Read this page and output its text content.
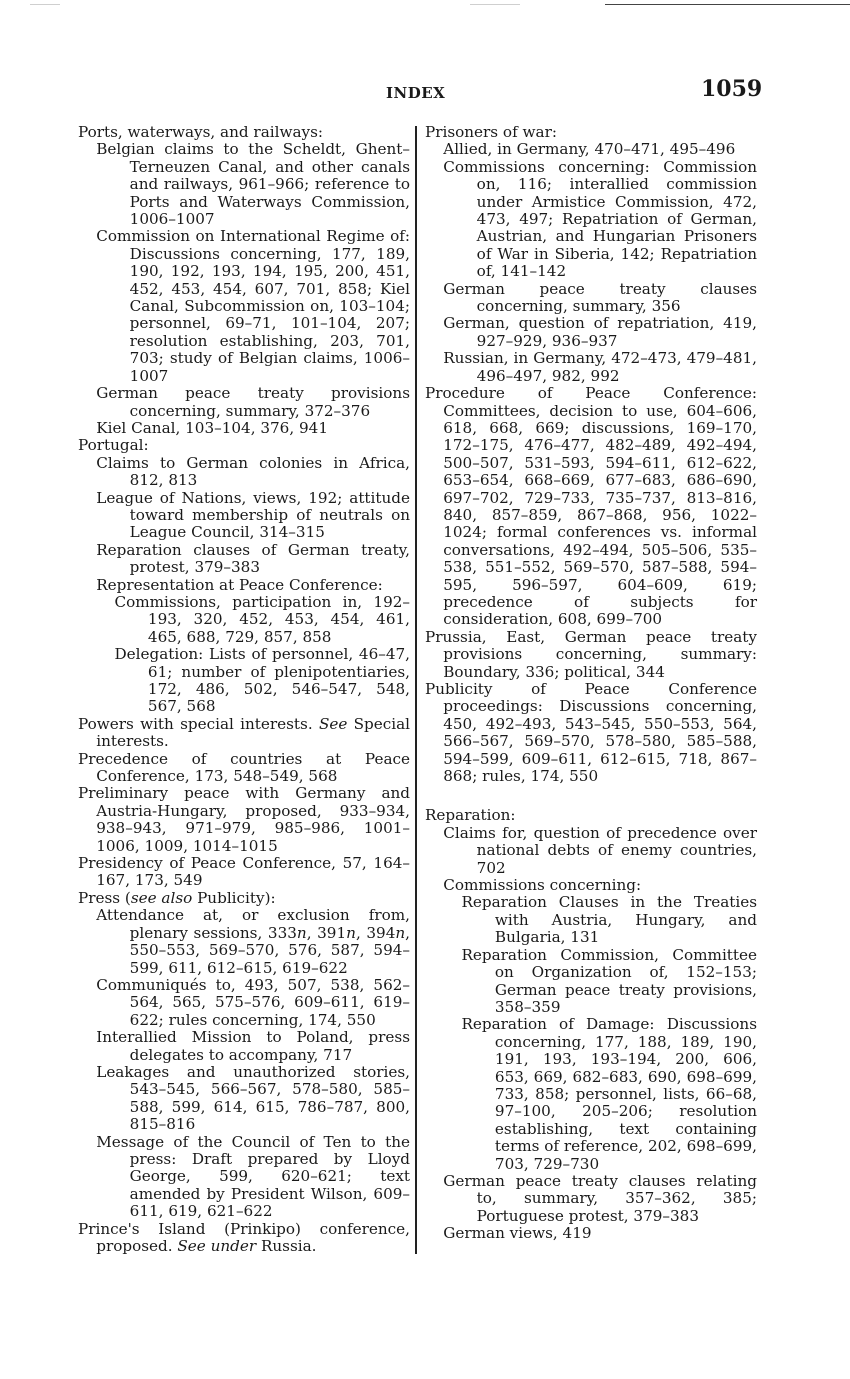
INDEX	1059
Ports, waterways, and railways:
Belgian claims to the Scheldt, Ghent–Terneuzen Canal, and other canals and railways, 961–966; reference to Ports and Waterways Commission, 1006–1007
Commission on International Regime of: Discussions concerning, 177, 189, 190, 192, 193, 194, 195, 200, 451, 452, 453, 454, 607, 701, 858; Kiel Canal, Subcommission on, 103–104; personnel, 69–71, 101–104, 207; resolution establishing, 203, 701, 703; study of Belgian claims, 1006–1007
German peace treaty provisions concerning, summary, 372–376
Kiel Canal, 103–104, 376, 941
Portugal:
Claims to German colonies in Africa, 812, 813
League of Nations, views, 192; attitude toward membership of neutrals on League Council, 314–315
Reparation clauses of German treaty, protest, 379–383
Representation at Peace Conference:
Commissions, participation in, 192–193, 320, 452, 453, 454, 461, 465, 688, 729, 857, 858
Delegation: Lists of personnel, 46–47, 61; number of plenipotentiaries, 172, 486, 502, 546–547, 548, 567, 568
Powers with special interests. See Special interests.
Precedence of countries at Peace Conference, 173, 548–549, 568
Preliminary peace with Germany and Austria-Hungary, proposed, 933–934, 938–943, 971–979, 985–986, 1001–1006, 1009, 1014–1015
Presidency of Peace Conference, 57, 164–167, 173, 549
Press (see also Publicity):
Attendance at, or exclusion from, plenary sessions, 333n, 391n, 394n, 550–553, 569–570, 576, 587, 594–599, 611, 612–615, 619–622
Communiqués to, 493, 507, 538, 562–564, 565, 575–576, 609–611, 619–622; rules concerning, 174, 550
Interallied Mission to Poland, press delegates to accompany, 717
Leakages and unauthorized stories, 543–545, 566–567, 578–580, 585–588, 599, 614, 615, 786–787, 800, 815–816
Message of the Council of Ten to the press: Draft prepared by Lloyd George, 599, 620–621; text amended by President Wilson, 609–611, 619, 621–622
Prince's Island (Prinkipo) conference, proposed. See under Russia.
Prisoners of war:
Allied, in Germany, 470–471, 495–496
Commissions concerning: Commission on, 116; interallied commission under Armistice Commission, 472, 473, 497; Repatriation of German, Austrian, and Hungarian Prisoners of War in Siberia, 142; Repatriation of, 141–142
German peace treaty clauses concerning, summary, 356
German, question of repatriation, 419, 927–929, 936–937
Russian, in Germany, 472–473, 479–481, 496–497, 982, 992
Procedure of Peace Conference: Committees, decision to use, 604–606, 618, 668, 669; discussions, 169–170, 172–175, 476–477, 482–489, 492–494, 500–507, 531–593, 594–611, 612–622, 653–654, 668–669, 677–683, 686–690, 697–702, 729–733, 735–737, 813–816, 840, 857–859, 867–868, 956, 1022–1024; formal conferences vs. informal conversations, 492–494, 505–506, 535–538, 551–552, 569–570, 587–588, 594–595, 596–597, 604–609, 619; precedence of subjects for consideration, 608, 699–700
Prussia, East, German peace treaty provisions concerning, summary: Boundary, 336; political, 344
Publicity of Peace Conference proceedings: Discussions concerning, 450, 492–493, 543–545, 550–553, 564, 566–567, 569–570, 578–580, 585–588, 594–599, 609–611, 612–615, 718, 867–868; rules, 174, 550
Reparation:
Claims for, question of precedence over national debts of enemy countries, 702
Commissions concerning:
Reparation Clauses in the Treaties with Austria, Hungary, and Bulgaria, 131
Reparation Commission, Committee on Organization of, 152–153; German peace treaty provisions, 358–359
Reparation of Damage: Discussions concerning, 177, 188, 189, 190, 191, 193, 193–194, 200, 606, 653, 669, 682–683, 690, 698–699, 733, 858; personnel, lists, 66–68, 97–100, 205–206; resolution establishing, text containing terms of reference, 202, 698–699, 703, 729–730
German peace treaty clauses relating to, summary, 357–362, 385; Portuguese protest, 379–383
German views, 419
